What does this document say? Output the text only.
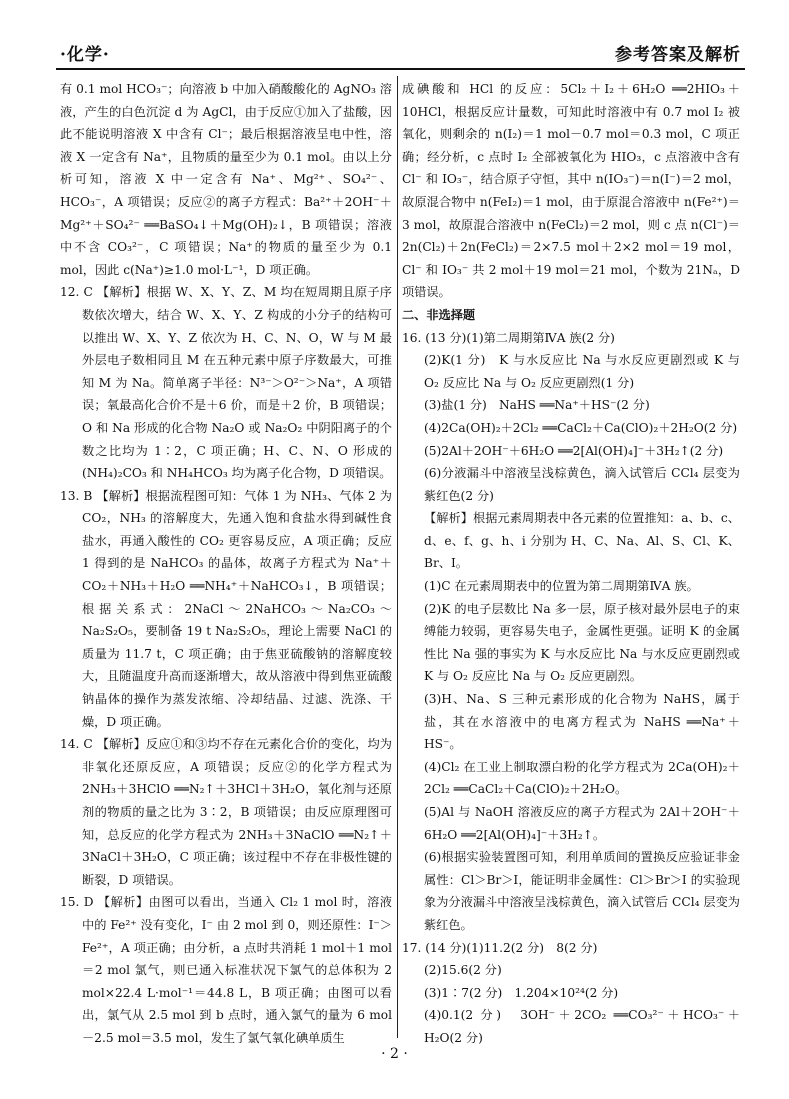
·化学·	参考答案及解析

有 0.1 mol HCO₃⁻；向溶液 b 中加入硝酸酸化的 AgNO₃ 溶液，产生的白色沉淀 d 为 AgCl，由于反应①加入了盐酸，因此不能说明溶液 X 中含有 Cl⁻；最后根据溶液呈电中性，溶液 X 一定含有 Na⁺，且物质的量至少为 0.1 mol。由以上分析可知，溶液 X 中一定含有 Na⁺、Mg²⁺、SO₄²⁻、HCO₃⁻，A 项错误；反应②的离子方程式：Ba²⁺＋2OH⁻＋Mg²⁺＋SO₄²⁻ ══BaSO₄↓＋Mg(OH)₂↓，B 项错误；溶液中不含 CO₃²⁻，C 项错误；Na⁺的物质的量至少为 0.1 mol，因此 c(Na⁺)≥1.0 mol·L⁻¹，D 项正确。

12. C 【解析】根据 W、X、Y、Z、M 均在短周期且原子序数依次增大，结合 W、X、Y、Z 构成的小分子的结构可以推出 W、X、Y、Z 依次为 H、C、N、O，W 与 M 最外层电子数相同且 M 在五种元素中原子序数最大，可推知 M 为 Na。简单离子半径：N³⁻＞O²⁻＞Na⁺，A 项错误；氧最高化合价不是＋6 价，而是＋2 价，B 项错误；O 和 Na 形成的化合物 Na₂O 或 Na₂O₂ 中阴阳离子的个数之比均为 1∶2，C 项正确；H、C、N、O 形成的 (NH₄)₂CO₃ 和 NH₄HCO₃ 均为离子化合物，D 项错误。

13. B 【解析】根据流程图可知：气体 1 为 NH₃、气体 2 为 CO₂，NH₃ 的溶解度大，先通入饱和食盐水得到碱性食盐水，再通入酸性的 CO₂ 更容易反应，A 项正确；反应 1 得到的是 NaHCO₃ 的晶体，故离子方程式为 Na⁺＋CO₂＋NH₃＋H₂O ══NH₄⁺＋NaHCO₃↓，B 项错误；根据关系式：2NaCl～2NaHCO₃～Na₂CO₃～Na₂S₂O₅，要制备 19 t Na₂S₂O₅，理论上需要 NaCl 的质量为 11.7 t，C 项正确；由于焦亚硫酸钠的溶解度较大，且随温度升高而逐渐增大，故从溶液中得到焦亚硫酸钠晶体的操作为蒸发浓缩、冷却结晶、过滤、洗涤、干燥，D 项正确。

14. C 【解析】反应①和③均不存在元素化合价的变化，均为非氧化还原反应，A 项错误；反应②的化学方程式为 2NH₃＋3HClO ══N₂↑＋3HCl＋3H₂O，氧化剂与还原剂的物质的量之比为 3∶2，B 项错误；由反应原理图可知，总反应的化学方程式为 2NH₃＋3NaClO ══N₂↑＋3NaCl＋3H₂O，C 项正确；该过程中不存在非极性键的断裂，D 项错误。

15. D 【解析】由图可以看出，当通入 Cl₂ 1 mol 时，溶液中的 Fe²⁺ 没有变化，I⁻ 由 2 mol 到 0，则还原性：I⁻＞Fe²⁺，A 项正确；由分析，a 点时共消耗 1 mol＋1 mol＝2 mol 氯气，则已通入标准状况下氯气的总体积为 2 mol×22.4 L·mol⁻¹＝44.8 L，B 项正确；由图可以看出，氯气从 2.5 mol 到 b 点时，通入氯气的量为 6 mol－2.5 mol＝3.5 mol，发生了氯气氧化碘单质生

成碘酸和 HCl 的反应：5Cl₂＋I₂＋6H₂O ══2HIO₃＋10HCl，根据反应计量数，可知此时溶液中有 0.7 mol I₂ 被氧化，则剩余的 n(I₂)＝1 mol－0.7 mol＝0.3 mol，C 项正确；经分析，c 点时 I₂ 全部被氧化为 HIO₃，c 点溶液中含有 Cl⁻ 和 IO₃⁻，结合原子守恒，其中 n(IO₃⁻)＝n(I⁻)＝2 mol，故原混合物中 n(FeI₂)＝1 mol，由于原混合溶液中 n(Fe²⁺)＝3 mol，故原混合溶液中 n(FeCl₂)＝2 mol，则 c 点 n(Cl⁻)＝2n(Cl₂)＋2n(FeCl₂)＝2×7.5 mol＋2×2 mol＝19 mol，Cl⁻ 和 IO₃⁻ 共 2 mol＋19 mol＝21 mol，个数为 21Nₐ，D 项错误。

二、非选择题

16. (13 分)(1)第二周期第ⅣA 族(2 分)

(2)K(1 分)　K 与水反应比 Na 与水反应更剧烈或 K 与 O₂ 反应比 Na 与 O₂ 反应更剧烈(1 分)

(3)盐(1 分)　NaHS ══Na⁺＋HS⁻(2 分)

(4)2Ca(OH)₂＋2Cl₂ ══CaCl₂＋Ca(ClO)₂＋2H₂O(2 分)

(5)2Al＋2OH⁻＋6H₂O ══2[Al(OH)₄]⁻＋3H₂↑(2 分)

(6)分液漏斗中溶液呈浅棕黄色，滴入试管后 CCl₄ 层变为紫红色(2 分)

【解析】根据元素周期表中各元素的位置推知：a、b、c、d、e、f、g、h、i 分别为 H、C、Na、Al、S、Cl、K、Br、I。

(1)C 在元素周期表中的位置为第二周期第ⅣA 族。

(2)K 的电子层数比 Na 多一层，原子核对最外层电子的束缚能力较弱，更容易失电子，金属性更强。证明 K 的金属性比 Na 强的事实为 K 与水反应比 Na 与水反应更剧烈或 K 与 O₂ 反应比 Na 与 O₂ 反应更剧烈。

(3)H、Na、S 三种元素形成的化合物为 NaHS，属于盐，其在水溶液中的电离方程式为 NaHS ══Na⁺＋HS⁻。

(4)Cl₂ 在工业上制取漂白粉的化学方程式为 2Ca(OH)₂＋2Cl₂ ══CaCl₂＋Ca(ClO)₂＋2H₂O。

(5)Al 与 NaOH 溶液反应的离子方程式为 2Al＋2OH⁻＋6H₂O ══2[Al(OH)₄]⁻＋3H₂↑。

(6)根据实验装置图可知，利用单质间的置换反应验证非金属性：Cl＞Br＞I，能证明非金属性：Cl＞Br＞I 的实验现象为分液漏斗中溶液呈浅棕黄色，滴入试管后 CCl₄ 层变为紫红色。

17. (14 分)(1)11.2(2 分)　8(2 分)

(2)15.6(2 分)

(3)1∶7(2 分)　1.204×10²⁴(2 分)

(4)0.1(2 分)　3OH⁻＋2CO₂ ══CO₃²⁻＋HCO₃⁻＋H₂O(2 分)

· 2 ·
